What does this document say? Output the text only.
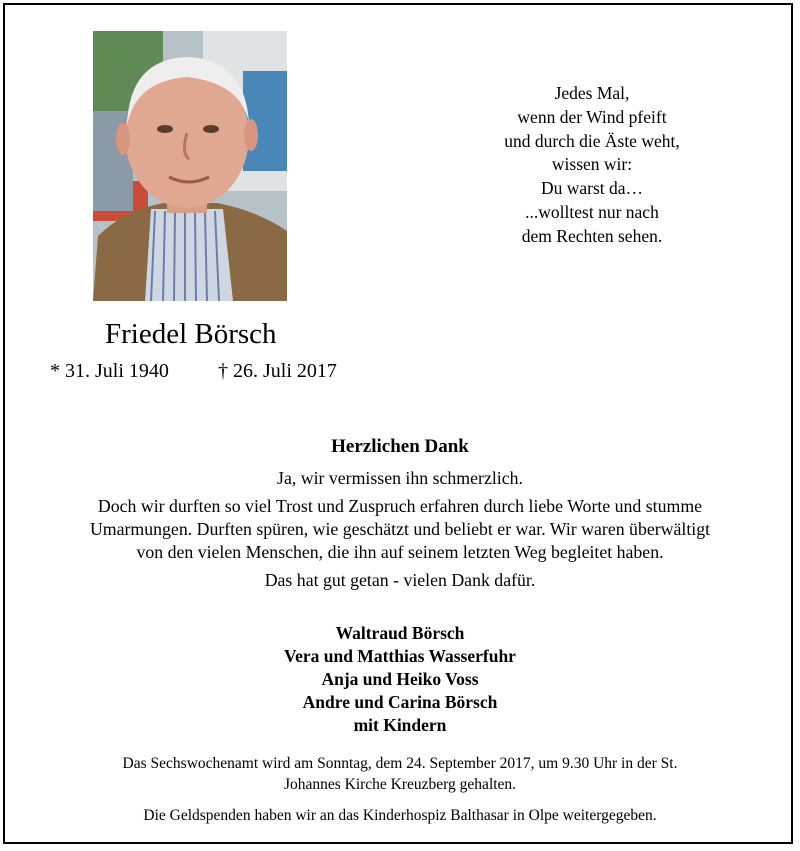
Jedes Mal,
wenn der Wind pfeift
und durch die Äste weht,
wissen wir:
Du warst da…
...wolltest nur nach
dem Rechten sehen.
Friedel Börsch
* 31. Juli 1940 † 26. Juli 2017
Herzlichen Dank
Ja, wir vermissen ihn schmerzlich.
Doch wir durften so viel Trost und Zuspruch erfahren durch liebe Worte und stumme
Umarmungen. Durften spüren, wie geschätzt und beliebt er war. Wir waren überwältigt
von den vielen Menschen, die ihn auf seinem letzten Weg begleitet haben.
Das hat gut getan - vielen Dank dafür.
Waltraud Börsch
Vera und Matthias Wasserfuhr
Anja und Heiko Voss
Andre und Carina Börsch
mit Kindern
Das Sechswochenamt wird am Sonntag, dem 24. September 2017, um 9.30 Uhr in der St.
Johannes Kirche Kreuzberg gehalten.
Die Geldspenden haben wir an das Kinderhospiz Balthasar in Olpe weitergegeben.
